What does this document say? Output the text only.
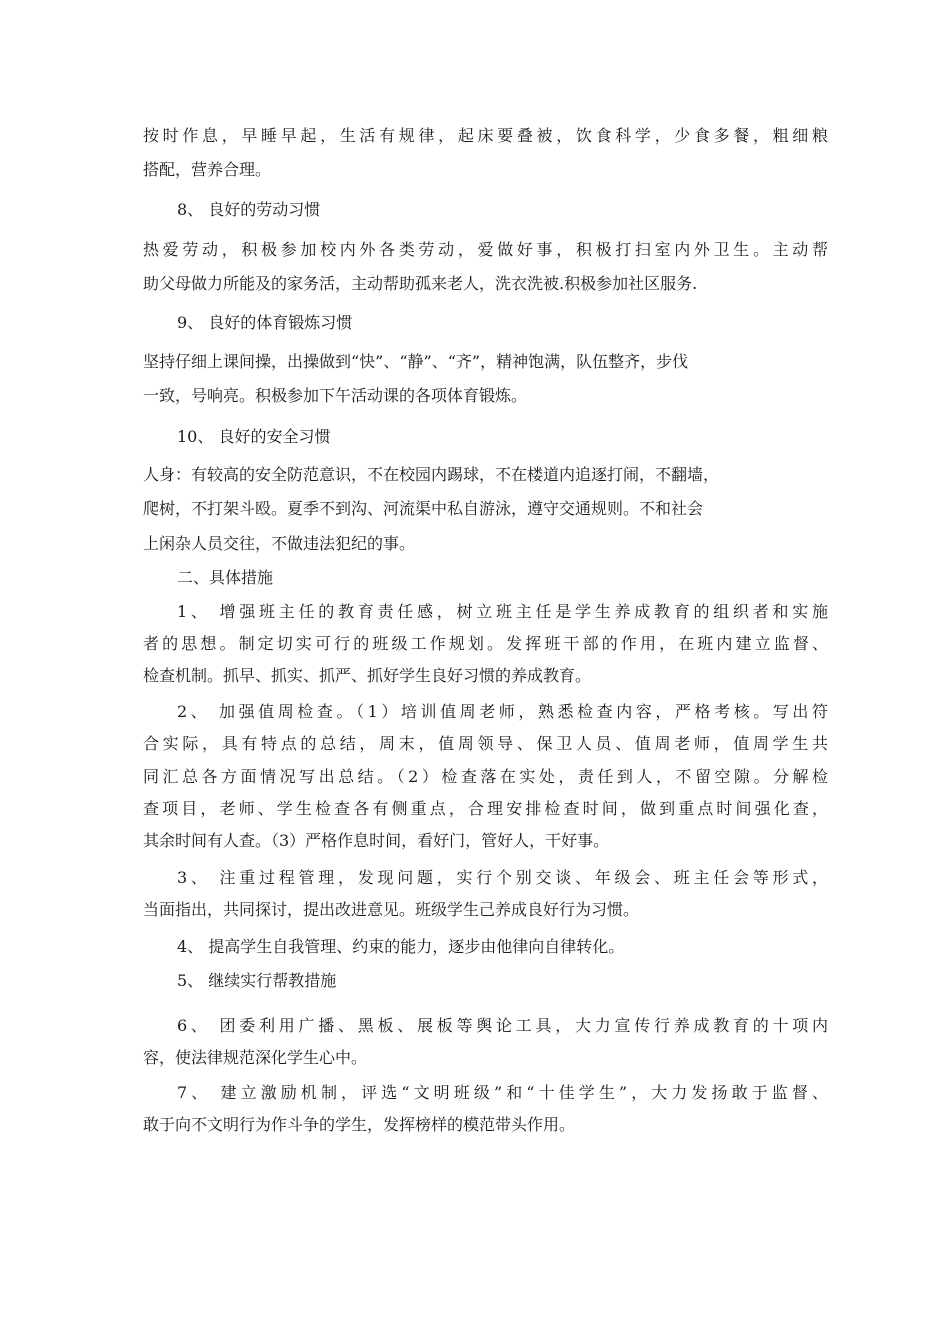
按时作息，早睡早起，生活有规律，起床要叠被，饮食科学，少食多餐，粗细粮
搭配，营养合理。
8、 良好的劳动习惯
热爱劳动，积极参加校内外各类劳动，爱做好事，积极打扫室内外卫生。主动帮
助父母做力所能及的家务活，主动帮助孤来老人，洗衣洗被.积极参加社区服务.
9、 良好的体育锻炼习惯
坚持仔细上课间操，出操做到“快”、“静”、“齐”，精神饱满，队伍整齐，步伐
一致，号响亮。积极参加下午活动课的各项体育锻炼。
10、 良好的安全习惯
人身：有较高的安全防范意识，不在校园内踢球，不在楼道内追逐打闹，不翻墙，
爬树，不打架斗殴。夏季不到沟、河流渠中私自游泳，遵守交通规则。不和社会
上闲杂人员交往，不做违法犯纪的事。
二、具体措施
1、 增强班主任的教育责任感，树立班主任是学生养成教育的组织者和实施
者的思想。制定切实可行的班级工作规划。发挥班干部的作用，在班内建立监督、
检查机制。抓早、抓实、抓严、抓好学生良好习惯的养成教育。
2、 加强值周检查。（1）培训值周老师，熟悉检查内容，严格考核。写出符
合实际，具有特点的总结，周末，值周领导、保卫人员、值周老师，值周学生共
同汇总各方面情况写出总结。（2）检查落在实处，责任到人，不留空隙。分解检
查项目，老师、学生检查各有侧重点，合理安排检查时间，做到重点时间强化查，
其余时间有人查。（3）严格作息时间，看好门，管好人，干好事。
3、 注重过程管理，发现问题，实行个别交谈、年级会、班主任会等形式，
当面指出，共同探讨，提出改进意见。班级学生己养成良好行为习惯。
4、 提高学生自我管理、约束的能力，逐步由他律向自律转化。
5、 继续实行帮教措施
6、 团委利用广播、黑板、展板等舆论工具，大力宣传行养成教育的十项内
容，使法律规范深化学生心中。
7、 建立激励机制，评选“文明班级”和“十佳学生”，大力发扬敢于监督、
敢于向不文明行为作斗争的学生，发挥榜样的模范带头作用。
